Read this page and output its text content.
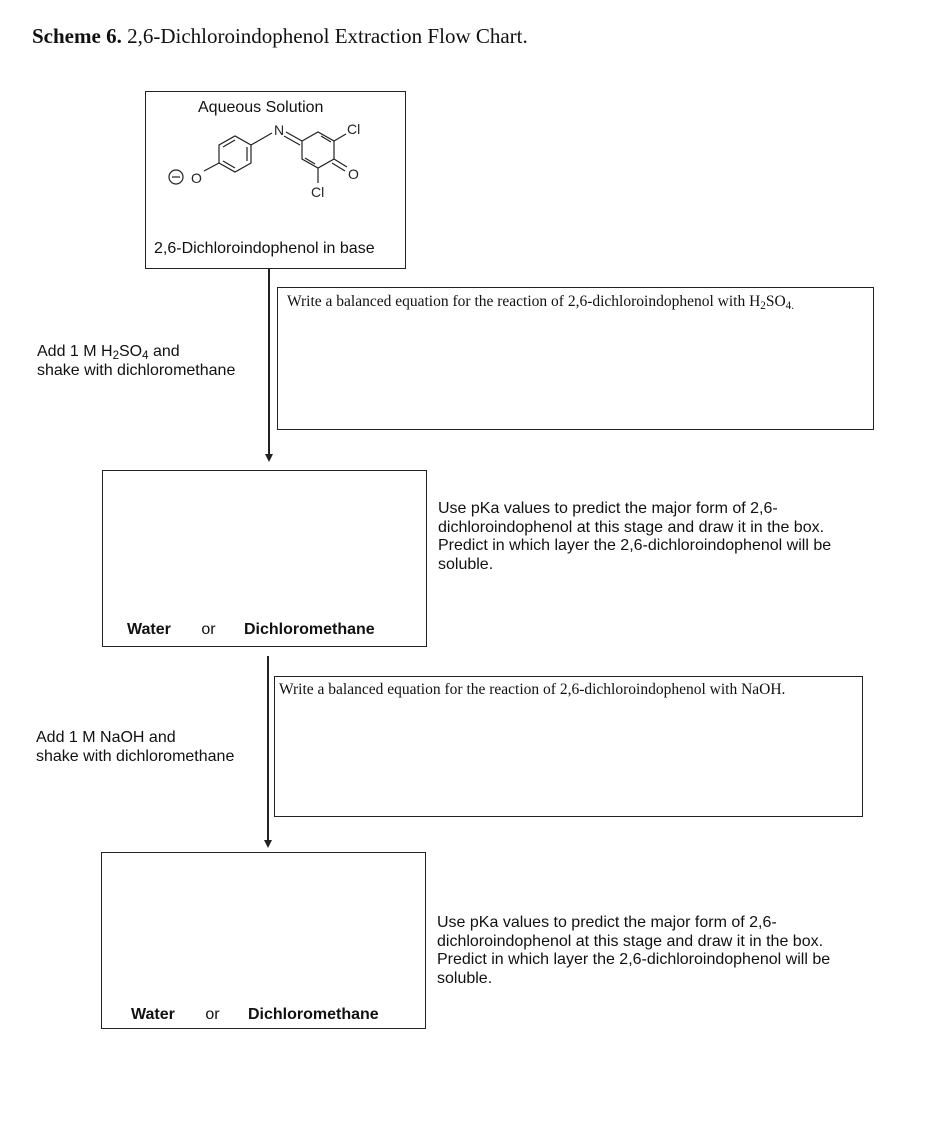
Scheme 6. 2,6-Dichloroindophenol Extraction Flow Chart.
Aqueous Solution
O
N	Cl
O
Cl
2,6-Dichloroindophenol in base
Add 1 M $H_2SO_4$ and
shake with dichloromethane
Write a balanced equation for the reaction of 2,6-dichloroindophenol with $H_2SO_{4.}$
Water or Dichloromethane
Use pKa values to predict the major form of 2,6-
dichloroindophenol at this stage and draw it in the box.
Predict in which layer the 2,6-dichloroindophenol will be
soluble.
Add 1 M NaOH and
shake with dichloromethane
Write a balanced equation for the reaction of 2,6-dichloroindophenol with NaOH.
Water or Dichloromethane
Use pKa values to predict the major form of 2,6-
dichloroindophenol at this stage and draw it in the box.
Predict in which layer the 2,6-dichloroindophenol will be
soluble.
